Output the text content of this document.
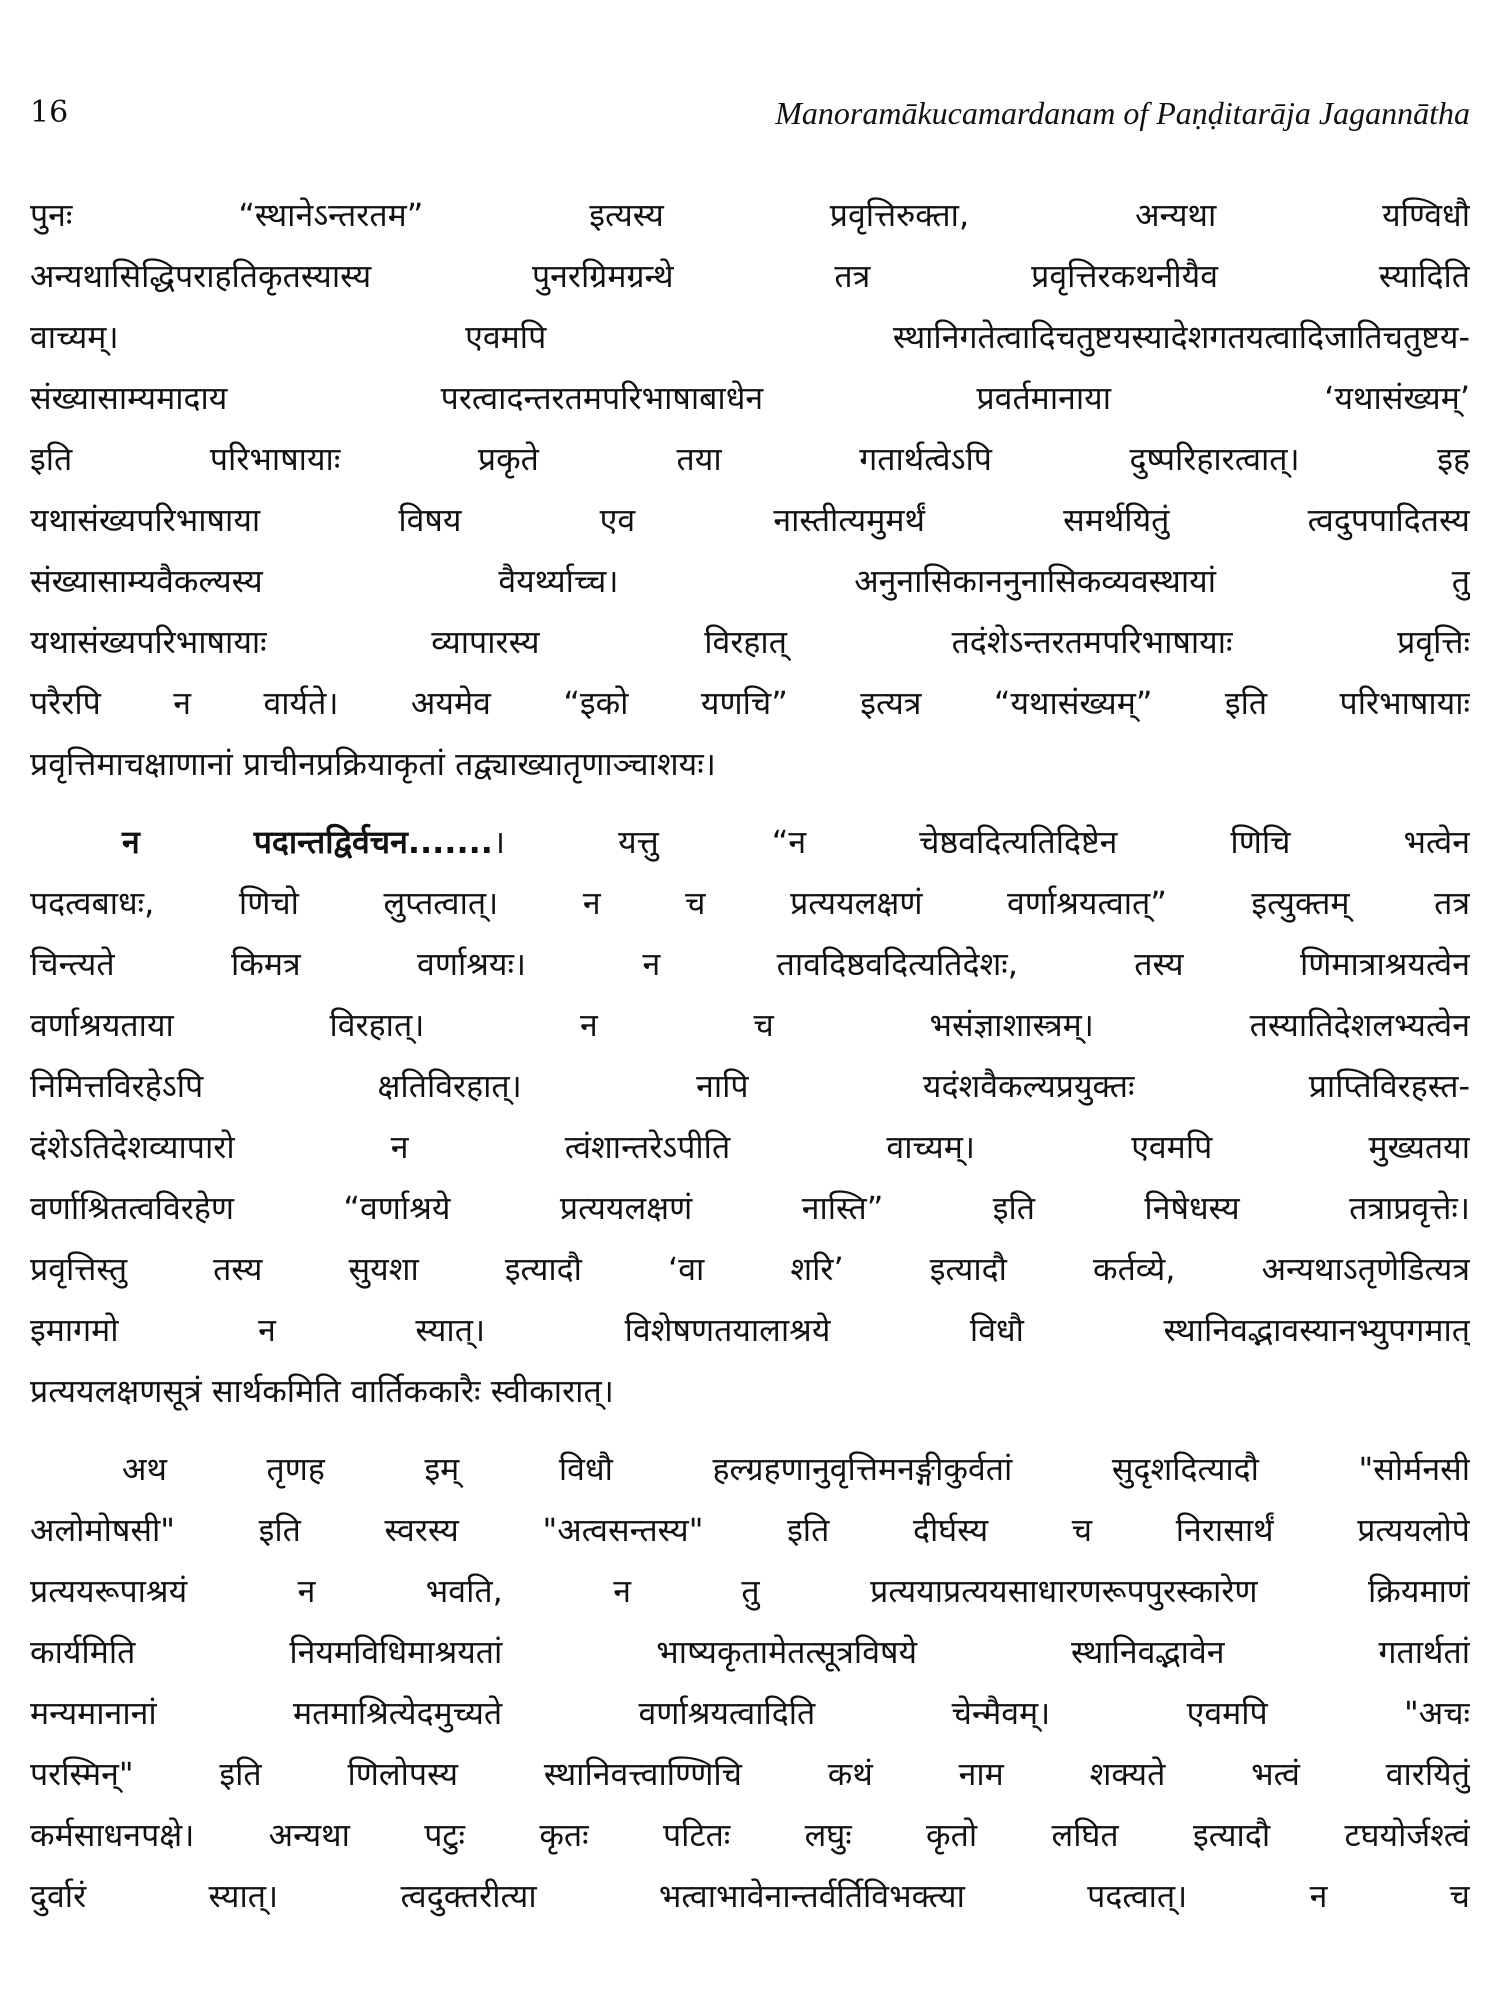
16	Manoramākucamardanam of Paṇḍitarāja Jagannātha
पुनः “स्थानेऽन्तरतम” इत्यस्य प्रवृत्तिरुक्ता, अन्यथा यण्विधौ
अन्यथासिद्धिपराहतिकृतस्यास्य पुनरग्रिमग्रन्थे तत्र प्रवृत्तिरकथनीयैव स्यादिति
वाच्यम्। एवमपि स्थानिगतेत्वादिचतुष्टयस्यादेशगतयत्वादिजातिचतुष्टय-
संख्यासाम्यमादाय परत्वादन्तरतमपरिभाषाबाधेन प्रवर्तमानाया ‘यथासंख्यम्’
इति परिभाषायाः प्रकृते तया गतार्थत्वेऽपि दुष्परिहारत्वात्। इह
यथासंख्यपरिभाषाया विषय एव नास्तीत्यमुमर्थं समर्थयितुं त्वदुपपादितस्य
संख्यासाम्यवैकल्यस्य वैयर्थ्याच्च। अनुनासिकाननुनासिकव्यवस्थायां तु
यथासंख्यपरिभाषायाः व्यापारस्य विरहात् तदंशेऽन्तरतमपरिभाषायाः प्रवृत्तिः
परैरपि न वार्यते। अयमेव “इको यणचि” इत्यत्र “यथासंख्यम्” इति परिभाषायाः
प्रवृत्तिमाचक्षाणानां प्राचीनप्रक्रियाकृतां तद्व्याख्यातृणाञ्चाशयः।
न पदान्तद्विर्वचन.......। यत्तु “न चेष्ठवदित्यतिदिष्टेन णिचि भत्वेन
पदत्वबाधः, णिचो लुप्तत्वात्। न च प्रत्ययलक्षणं वर्णाश्रयत्वात्” इत्युक्तम् तत्र
चिन्त्यते किमत्र वर्णाश्रयः। न तावदिष्ठवदित्यतिदेशः, तस्य णिमात्राश्रयत्वेन
वर्णाश्रयताया विरहात्। न च भसंज्ञाशास्त्रम्। तस्यातिदेशलभ्यत्वेन
निमित्तविरहेऽपि क्षतिविरहात्। नापि यदंशवैकल्यप्रयुक्तः प्राप्तिविरहस्त-
दंशेऽतिदेशव्यापारो न त्वंशान्तरेऽपीति वाच्यम्। एवमपि मुख्यतया
वर्णाश्रितत्वविरहेण “वर्णाश्रये प्रत्ययलक्षणं नास्ति” इति निषेधस्य तत्राप्रवृत्तेः।
प्रवृत्तिस्तु तस्य सुयशा इत्यादौ ‘वा शरि’ इत्यादौ कर्तव्ये, अन्यथाऽतृणेडित्यत्र
इमागमो न स्यात्। विशेषणतयालाश्रये विधौ स्थानिवद्भावस्यानभ्युपगमात्
प्रत्ययलक्षणसूत्रं सार्थकमिति वार्तिककारैः स्वीकारात्।
अथ तृणह इम् विधौ हल्ग्रहणानुवृत्तिमनङ्गीकुर्वतां सुदृशदित्यादौ "सोर्मनसी
अलोमोषसी" इति स्वरस्य "अत्वसन्तस्य" इति दीर्घस्य च निरासार्थं प्रत्ययलोपे
प्रत्ययरूपाश्रयं न भवति, न तु प्रत्ययाप्रत्ययसाधारणरूपपुरस्कारेण क्रियमाणं
कार्यमिति नियमविधिमाश्रयतां भाष्यकृतामेतत्सूत्रविषये स्थानिवद्भावेन गतार्थतां
मन्यमानानां मतमाश्रित्येदमुच्यते वर्णाश्रयत्वादिति चेन्मैवम्। एवमपि "अचः
परस्मिन्" इति णिलोपस्य स्थानिवत्त्वाण्णिचि कथं नाम शक्यते भत्वं वारयितुं
कर्मसाधनपक्षे। अन्यथा पटुः कृतः पटितः लघुः कृतो लघित इत्यादौ टघयोर्जश्त्वं
दुर्वारं स्यात्। त्वदुक्तरीत्या भत्वाभावेनान्तर्वर्तिविभक्त्या पदत्वात्। न च
